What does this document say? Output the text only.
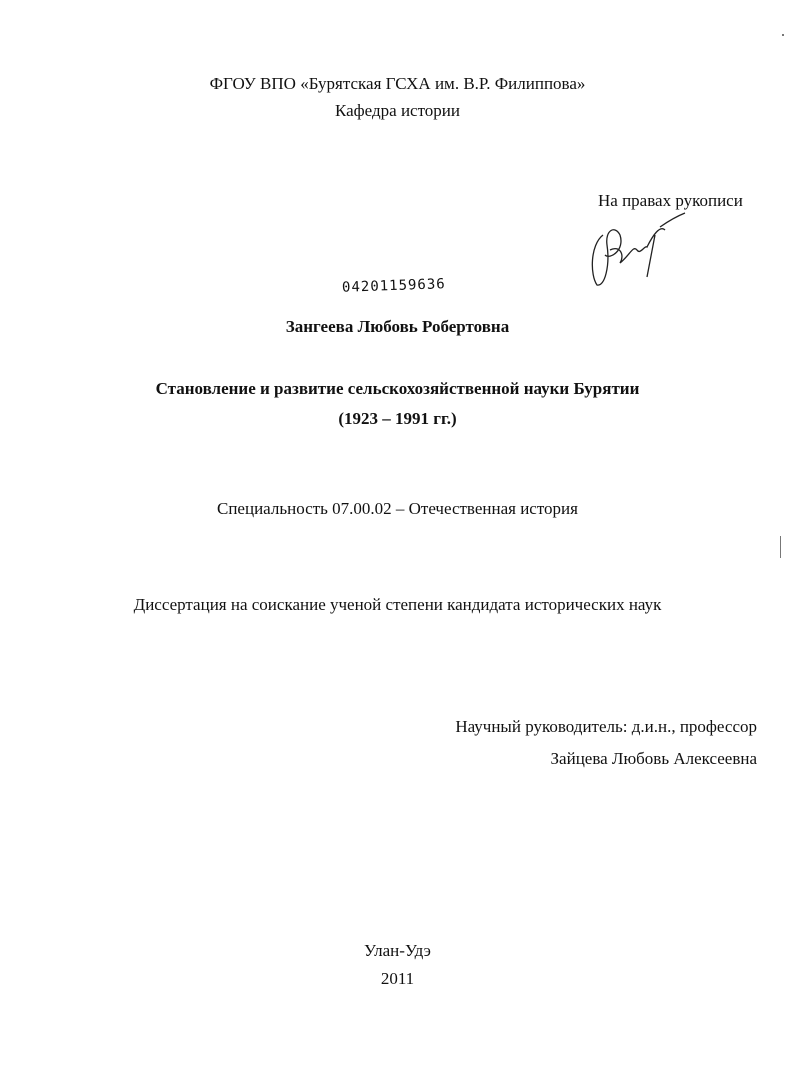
ФГОУ ВПО «Бурятская ГСХА им. В.Р. Филиппова»
Кафедра истории
На правах рукописи
04201159636
Зангеева Любовь Робертовна
Становление и развитие сельскохозяйственной науки Бурятии
(1923 – 1991 гг.)
Специальность 07.00.02 – Отечественная история
Диссертация на соискание ученой степени кандидата исторических наук
Научный руководитель: д.и.н., профессор
Зайцева Любовь Алексеевна
Улан-Удэ
2011
